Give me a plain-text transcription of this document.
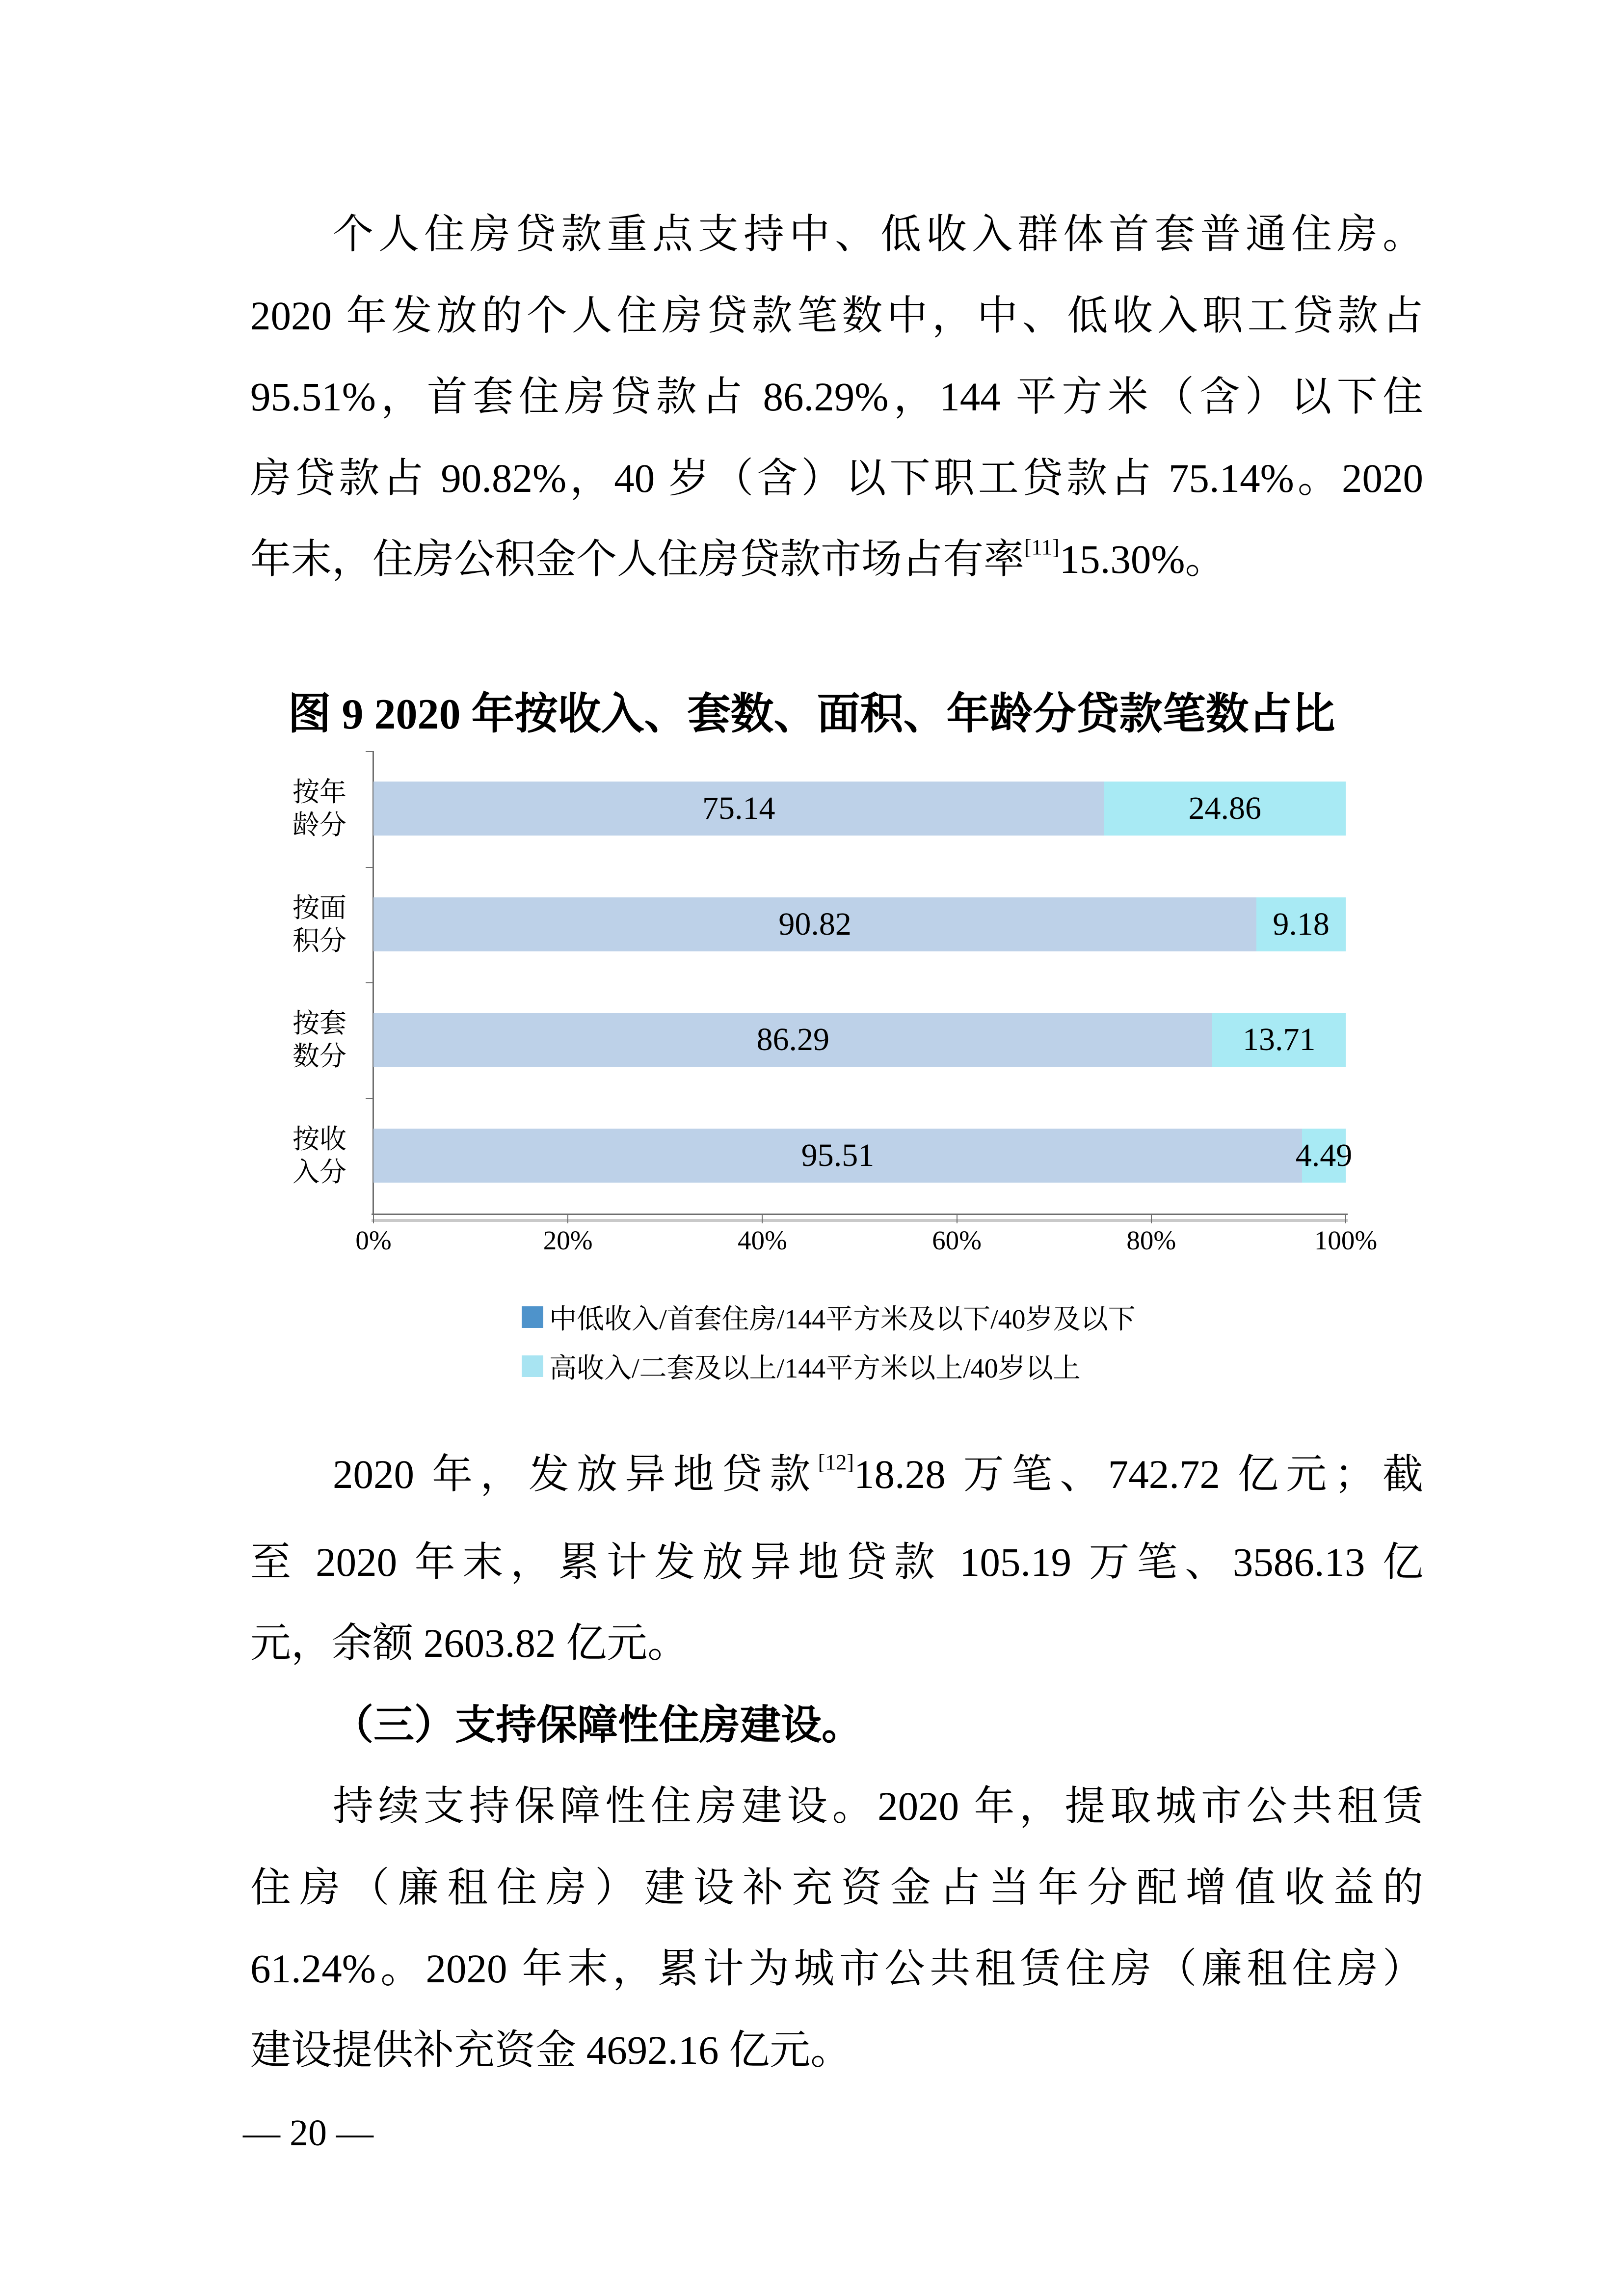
个人住房贷款重点支持中、低收入群体首套普通住房。
2020 年发放的个人住房贷款笔数中，中、低收入职工贷款占
95.51%，首套住房贷款占 86.29%，144 平方米（含）以下住
房贷款占 90.82%，40 岁（含）以下职工贷款占 75.14%。2020
年末，住房公积金个人住房贷款市场占有率[11]15.30%。
图 9 2020 年按收入、套数、面积、年龄分贷款笔数占比
按年
龄分	75.14	24.86
按面
积分	90.82	9.18
按套
数分	86.29	13.71
按收
入分	95.51	4.49
0%	20%	40%	60%	80%	100%
中低收入/首套住房/144平方米及以下/40岁及以下
高收入/二套及以上/144平方米以上/40岁以上
2020 年，发放异地贷款[12]18.28 万笔、742.72 亿元；截
至 2020 年末，累计发放异地贷款 105.19 万笔、3586.13 亿
元，余额 2603.82 亿元。
（三）支持保障性住房建设。
持续支持保障性住房建设。2020 年，提取城市公共租赁
住房（廉租住房）建设补充资金占当年分配增值收益的
61.24%。2020 年末，累计为城市公共租赁住房（廉租住房）
建设提供补充资金 4692.16 亿元。
— 20 —
